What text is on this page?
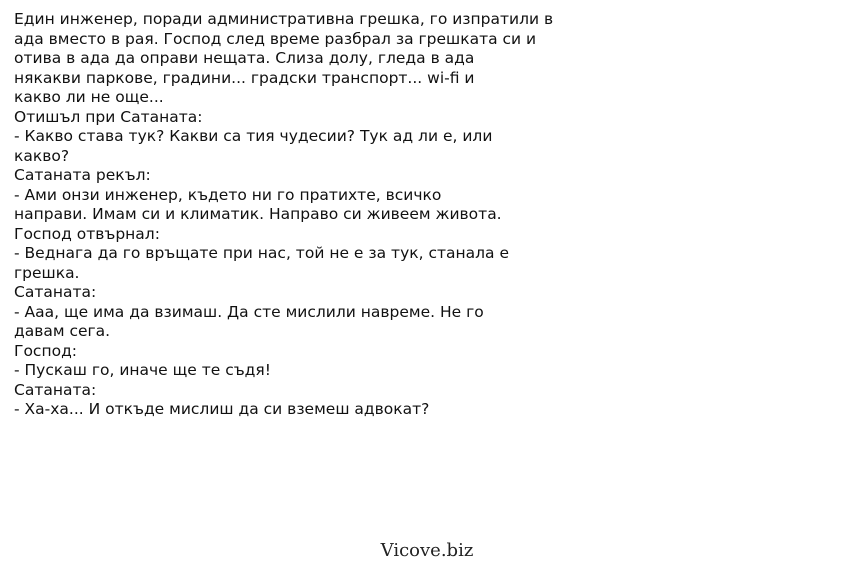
Един инженер, поради административна грешка, го изпратили в
ада вместо в рая. Господ след време разбрал за грешката си и
отива в ада да оправи нещата. Слиза долу, гледа в ада
някакви паркове, градини... градски транспорт... wi-fi и
какво ли не още...
Отишъл при Сатаната:
- Какво става тук? Какви са тия чудесии? Тук ад ли е, или
какво?
Сатаната рекъл:
- Ами онзи инженер, където ни го пратихте, всичко
направи. Имам си и климатик. Направо си живеем живота.
Господ отвърнал:
- Веднага да го връщате при нас, той не е за тук, станала е
грешка.
Сатаната:
- Ааа, ще има да взимаш. Да сте мислили навреме. Не го
давам сега.
Господ:
- Пускаш го, иначе ще те съдя!
Сатаната:
- Ха-ха... И откъде мислиш да си вземеш адвокат?
Vicove.biz
